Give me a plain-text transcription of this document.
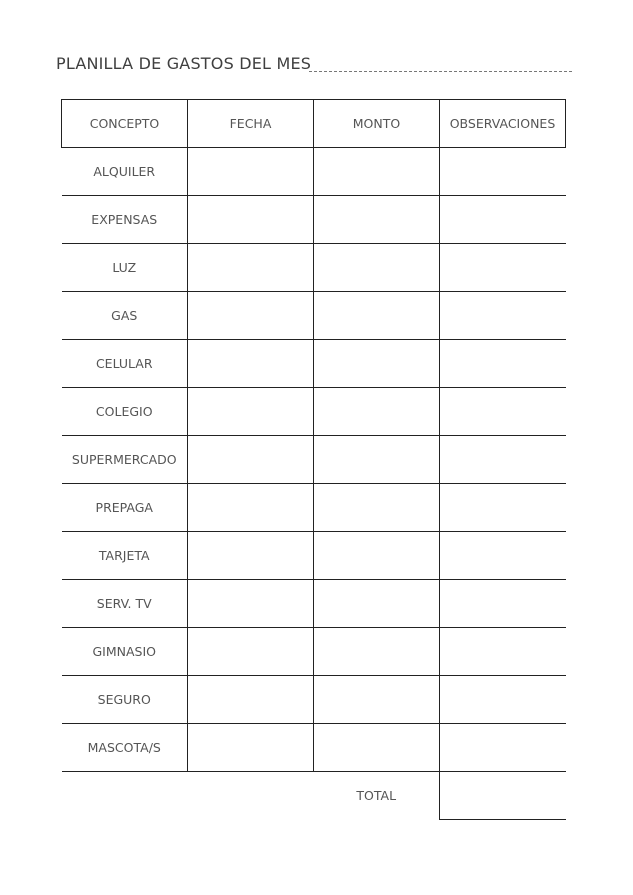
PLANILLA DE GASTOS DEL MES
CONCEPTO	FECHA	MONTO	OBSERVACIONES
ALQUILER			
EXPENSAS			
LUZ			
GAS			
CELULAR			
COLEGIO			
SUPERMERCADO			
PREPAGA			
TARJETA			
SERV. TV			
GIMNASIO			
SEGURO			
MASCOTA/S			
		TOTAL	
